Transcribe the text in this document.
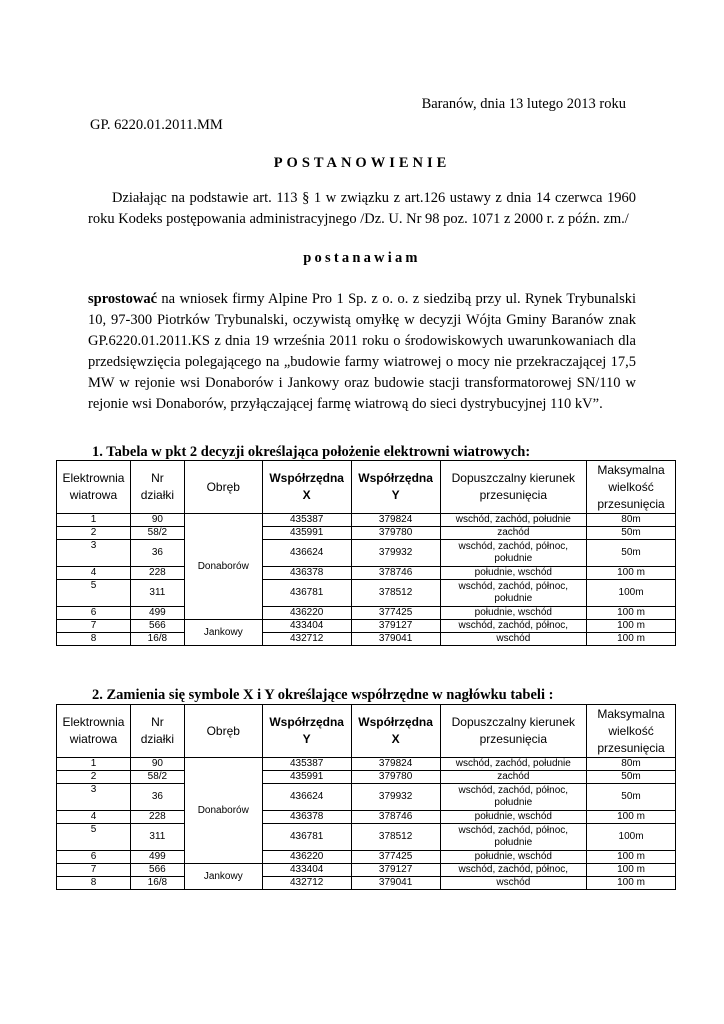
Baranów, dnia 13 lutego 2013 roku
GP. 6220.01.2011.MM
POSTANOWIENIE
Działając na podstawie art. 113 § 1 w związku z art.126 ustawy z dnia 14 czerwca 1960 roku Kodeks postępowania administracyjnego /Dz. U. Nr 98 poz. 1071 z 2000 r. z późn. zm./
postanawiam
sprostować na wniosek firmy Alpine Pro 1 Sp. z o. o. z siedzibą przy ul. Rynek Trybunalski 10, 97-300 Piotrków Trybunalski, oczywistą omyłkę w decyzji Wójta Gminy Baranów znak GP.6220.01.2011.KS z dnia 19 września 2011 roku o środowiskowych uwarunkowaniach dla przedsięwzięcia polegającego na „budowie farmy wiatrowej o mocy nie przekraczającej 17,5 MW w rejonie wsi Donaborów i Jankowy oraz budowie stacji transformatorowej SN/110 w rejonie wsi Donaborów, przyłączającej farmę wiatrową do sieci dystrybucyjnej 110 kV”.
1. Tabela w pkt 2 decyzji określająca położenie elektrowni wiatrowych:
Elektrownia wiatrowa	Nr działki	Obręb	Współrzędna X	Współrzędna Y	Dopuszczalny kierunek przesunięcia	Maksymalna wielkość przesunięcia
1	90	Donaborów	435387	379824	wschód, zachód, południe	80m
2	58/2		435991	379780	zachód	50m
3	36		436624	379932	wschód, zachód, północ, południe	50m
4	228		436378	378746	południe, wschód	100 m
5	311		436781	378512	wschód, zachód, północ, południe	100m
6	499		436220	377425	południe, wschód	100 m
7	566	Jankowy	433404	379127	wschód, zachód, północ,	100 m
8	16/8		432712	379041	wschód	100 m
2. Zamienia się symbole X i Y określające współrzędne w nagłówku tabeli :
Elektrownia wiatrowa	Nr działki	Obręb	Współrzędna Y	Współrzędna X	Dopuszczalny kierunek przesunięcia	Maksymalna wielkość przesunięcia
1	90	Donaborów	435387	379824	wschód, zachód, południe	80m
2	58/2		435991	379780	zachód	50m
3	36		436624	379932	wschód, zachód, północ, południe	50m
4	228		436378	378746	południe, wschód	100 m
5	311		436781	378512	wschód, zachód, północ, południe	100m
6	499		436220	377425	południe, wschód	100 m
7	566	Jankowy	433404	379127	wschód, zachód, północ,	100 m
8	16/8		432712	379041	wschód	100 m
